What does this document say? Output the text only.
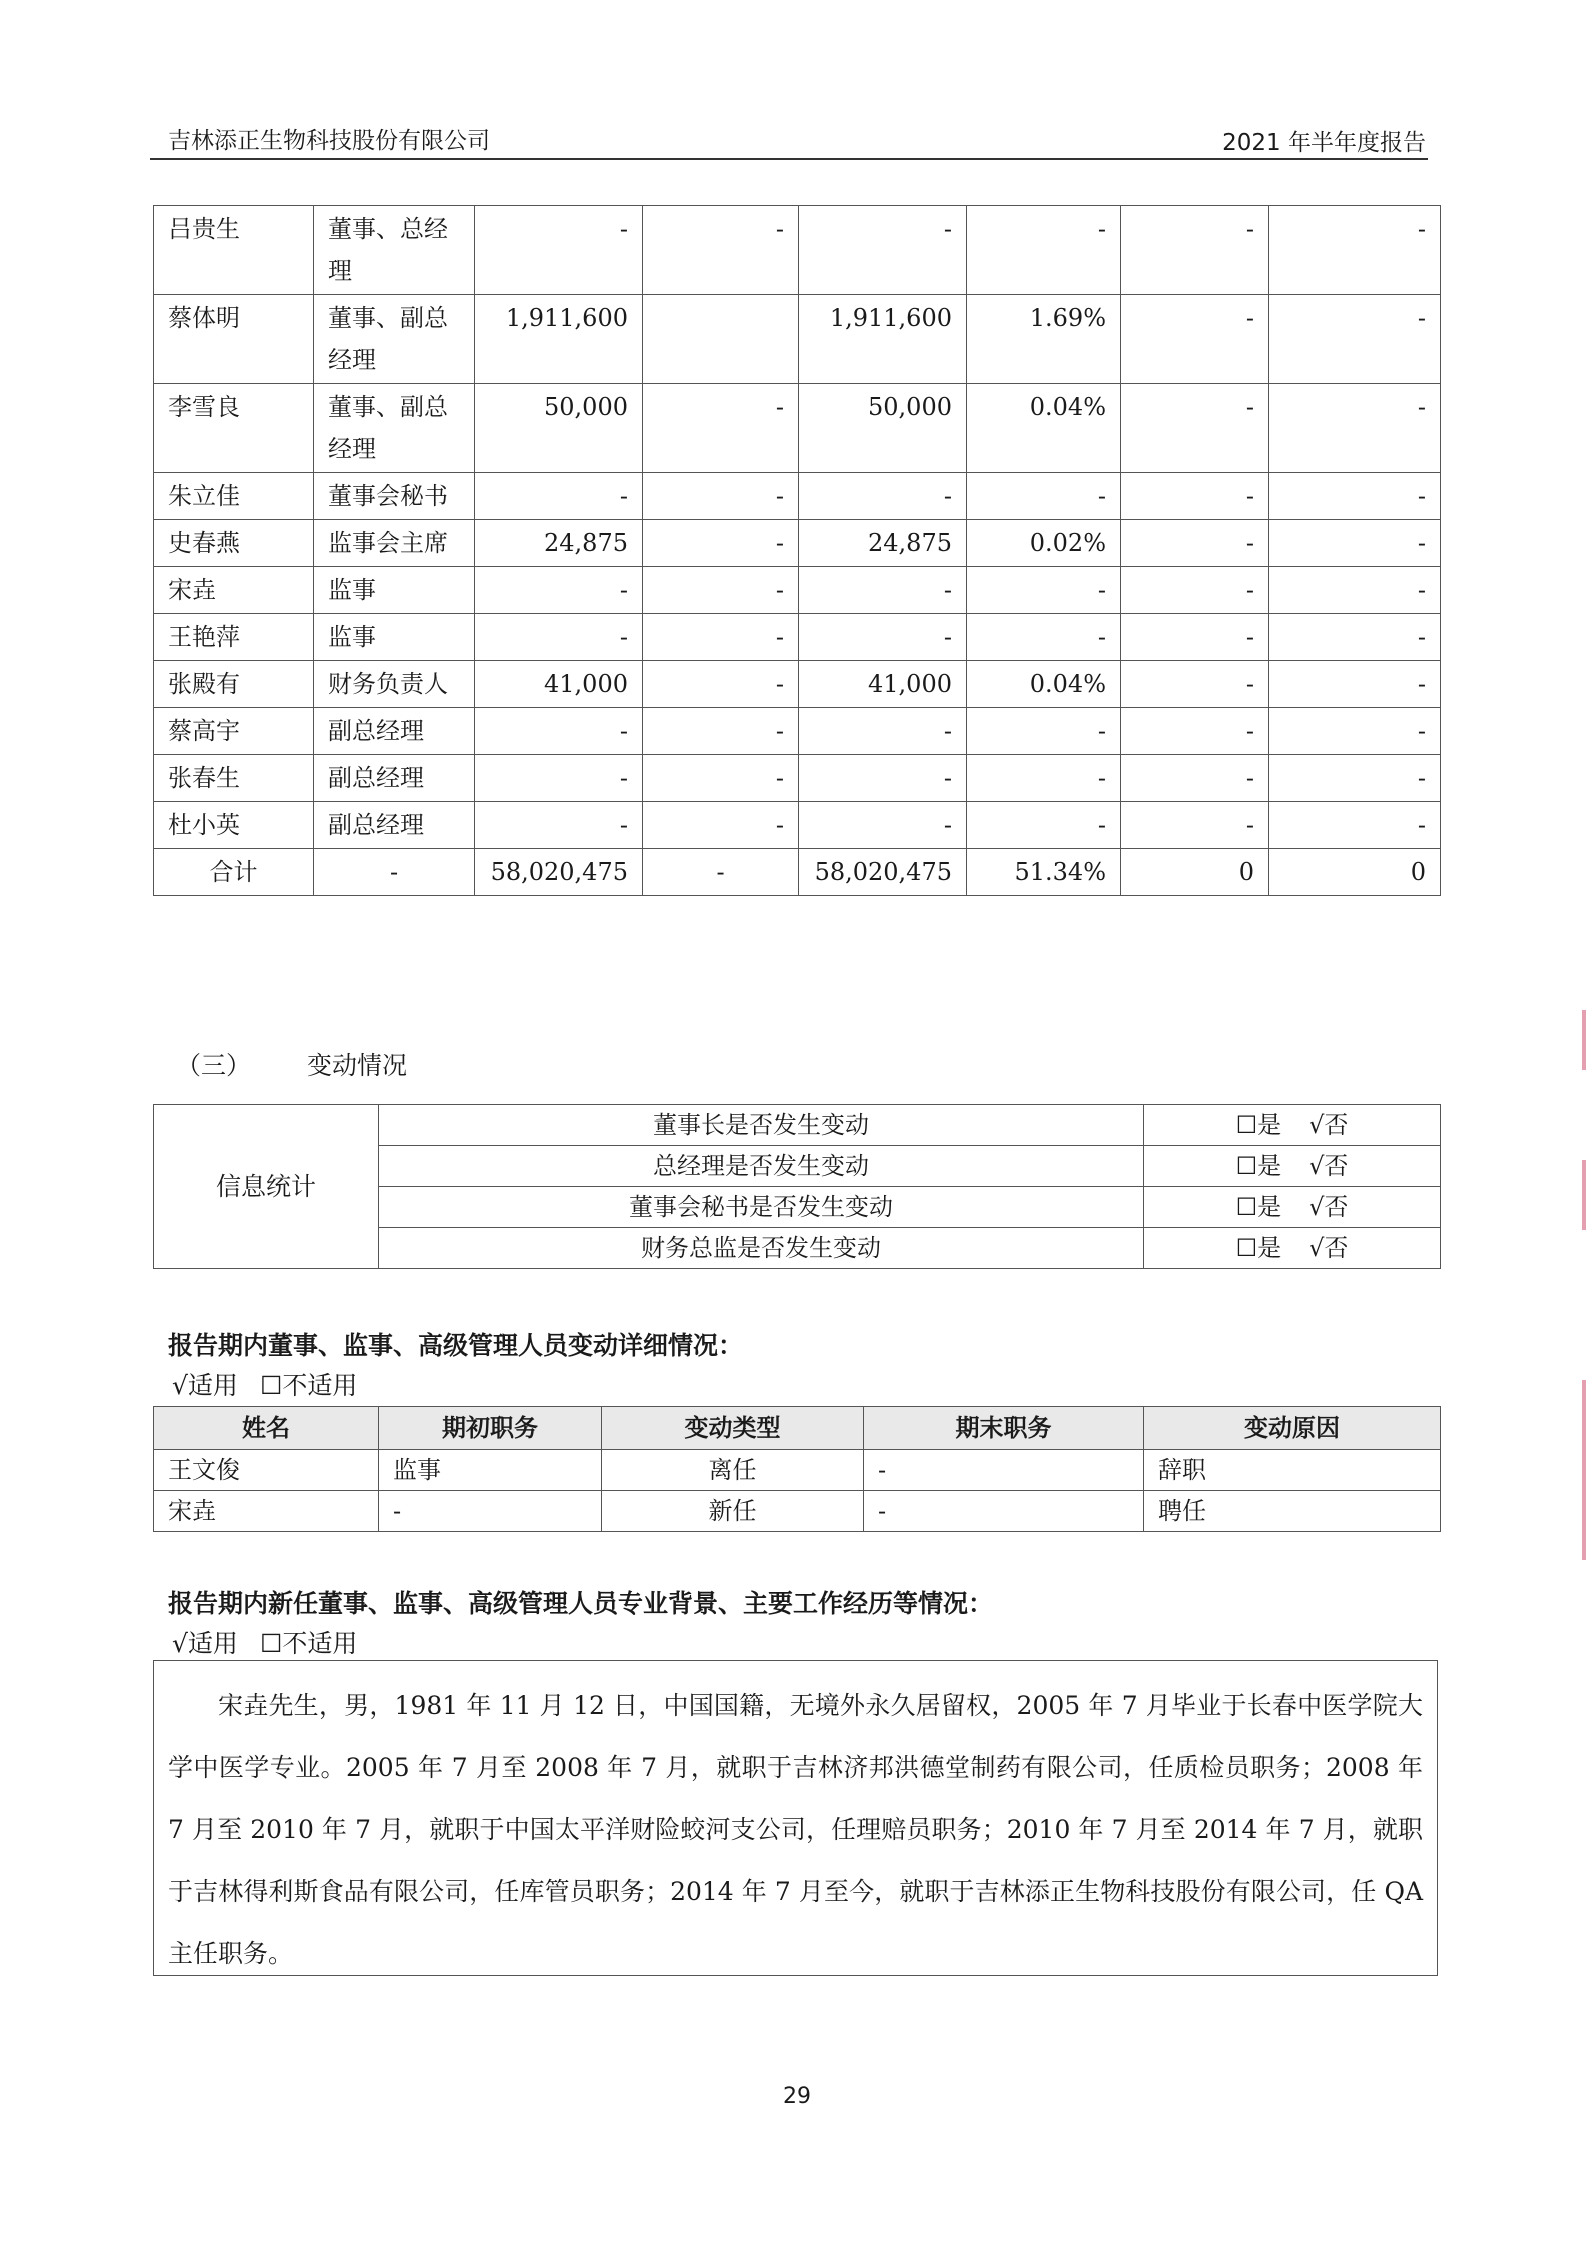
吉林添正生物科技股份有限公司	2021 年半年度报告
吕贵生	董事、总经理	-	-	-	-	-	-
蔡体明	董事、副总经理	1,911,600		1,911,600	1.69%	-	-
李雪良	董事、副总经理	50,000	-	50,000	0.04%	-	-
朱立佳	董事会秘书	-	-	-	-	-	-
史春燕	监事会主席	24,875	-	24,875	0.02%	-	-
宋垚	监事	-	-	-	-	-	-
王艳萍	监事	-	-	-	-	-	-
张殿有	财务负责人	41,000	-	41,000	0.04%	-	-
蔡高宇	副总经理	-	-	-	-	-	-
张春生	副总经理	-	-	-	-	-	-
杜小英	副总经理	-	-	-	-	-	-
合计	-	58,020,475	-	58,020,475	51.34%	0	0
（三） 变动情况
信息统计	董事长是否发生变动	☐是 √否

	总经理是否发生变动	☐是 √否

	董事会秘书是否发生变动	☐是 √否

	财务总监是否发生变动	☐是 √否
报告期内董事、监事、高级管理人员变动详细情况：
√适用 ☐不适用
姓名	期初职务	变动类型	期末职务	变动原因
王文俊	监事	离任	-	辞职
宋垚	-	新任	-	聘任
报告期内新任董事、监事、高级管理人员专业背景、主要工作经历等情况：
√适用 ☐不适用

宋垚先生，男，1981 年 11 月 12 日，中国国籍，无境外永久居留权，2005 年 7 月毕业于长春中医学院大学中医学专业。2005 年 7 月至 2008 年 7 月，就职于吉林济邦洪德堂制药有限公司，任质检员职务；2008 年 7 月至 2010 年 7 月，就职于中国太平洋财险蛟河支公司，任理赔员职务；2010 年 7 月至 2014 年 7 月，就职于吉林得利斯食品有限公司，任库管员职务；2014 年 7 月至今，就职于吉林添正生物科技股份有限公司，任 QA 主任职务。

29
